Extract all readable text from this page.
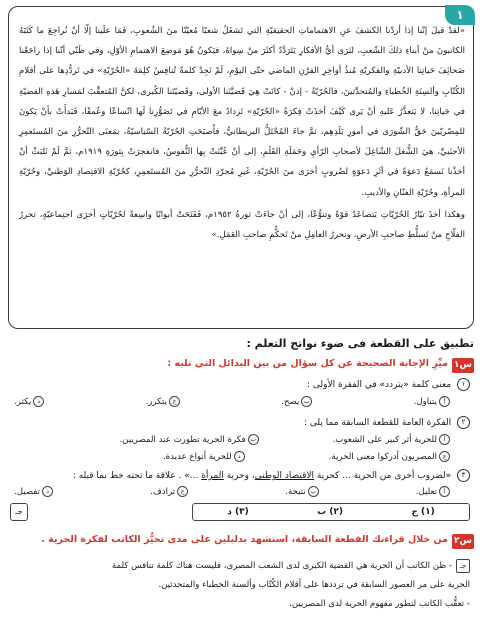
١

«لقدْ قيلَ إنّنا إذا أردْنا الكشفَ عنِ الاهتماماتِ الحقيقيّةِ التي تَشغَلُ شعبًا مُعيّنًا منَ الشُعوبِ، فَمَا علَينا إلّا أنْ نُراجِعَ ما كَتَبَهُ الكاتبونَ منْ أبناءِ ذلكَ الشّعبِ، لنَرَى أيُّ الأفكارِ يَتَرَدَّدُ أكثَرَ منْ سِواهُ، فيَكونُ هُوَ مَوضِعَ الاهتمامِ الأوّلِ، وفي ظَنّي أنّنا إذا راجَعْنا صَحائِفَ حَياتِنا الأدبيّةِ والفكريّةِ مُنذُ أواخِرِ القرْنِ الماضي حتّى اليوْمِ، لَمْ نَجِدْ كلمةً تُنافِسُ كلِمَةَ «الحُرّيّةِ» في تَردُّدِها على أقلامِ الكُتّابِ وألسِنَةِ الخُطباءِ والمُتحدِّثينَ، فالحُرّيّةُ - إذنْ - كانَتْ هِيَ قَضيَّتَنا الأولى، وقَضيّتَنا الكُبرى، لكنَّ المُتعقِّبَ لمَسارِ هَذهِ القضيّةِ في حَياتِنا، لا يَتعذَّرُ عَليهِ أنْ يَرى كَيْفَ أخذَتْ فِكرَةُ «الحُرّيّةِ» تَزدادُ معَ الأيّامِ في تَصَوُّرِنا لَها اتّساعًا وعُمقًا، فَبَدأَتْ بأنْ يَكونَ للمِصْريّينَ حَقُّ الشّورَى في أمورِ بَلَدِهِم، ثمَّ جاءَ المُحْتَلُّ البريطانيُّ، فأَصبَحَتِ الحُرّيّةُ السّياسيّةُ، بمَعنَى التّحرُّرِ منَ المُستَعمِرِ الأجنَبيِّ، هيَ الشُّغلَ الشّاغِلَ لأصحابِ الرّأيِ وحَمَلَةِ القَلَمِ، إلى أنْ عُبِّئتْ بِها النُّفوسُ، فانفجرَتْ بِثورَةِ ١٩١٩م، ثمَّ لَمْ نَلبَثْ أنْ أخذْنا نَسمَعُ دَعوَةً في أثَرِ دَعوَةٍ لضُروبٍ أخرَى منَ الحُرّيّةِ، غَيرِ مُجرّدِ التّحرُّرِ منَ المُستَعمِرِ، كحُرّيّةِ الاقتِصادِ الوَطنيِّ، وحُرّيّةِ المرأةِ، وحُرّيّةِ الفنّانِ والأديبِ.

وهكذا أخذَ تيّارُ الحُرّيّاتِ يَتصاعَدُ قوّةً وتنوُّعًا، إلى أنْ جاءَتْ ثورةُ ١٩٥٢م، فَفَتَحَتْ أبوابًا واسِعةً لحُرّيّاتٍ أخرَى اجتِماعيّةٍ، تحررُ الفلّاحِ منْ تَسلُّطِ صاحبِ الأرضِ، وتحررُ العامِلِ منْ تَحكُّمِ صاحبِ العَمَلِ.»

تطبيق على القطعة فى ضوء نواتج التعلم :
س١

ميِّزِ الإجابة الصحيحة عن كل سؤال من بين البدائل التي تليه :

١ معنى كلمة «يتردد» في الفقرة الأولى :
أيتناول.
بيصح.
جيتكرر.
ديكثر.
٢ الفكرة العامة للقطعة السابقة مما يلى :
أللحرية أثر كبير على الشعوب.
بفكرة الحرية تطورت عند المصريين.
جالمصريون أدركوا معنى الحرية.
دللحرية أنواع عديدة.
٣ «لضروب أخرى من الحرية ... كحرية الاقتصاد الوطني، وحرية المرأة ...» . علاقة ما تحته خط بما قبله :
أتعليل.
بنتيجة.
جترادف.
دتفصيل.
(١) ج
(٢) ب
(٣) د
جـ
س٢

من خلال قراءتك القطعة السابقة، استشهد بدليلين على مدى تحيُّز الكاتب لفكرة الحرية .

جـ- ظن الكاتب أن الحرية هي القضية الكبرى لدى الشعب المصرى، فليست هناك كلمة تنافس كلمة

الحرية على مر العصور السابقة في ترددها على أقلام الكُتّاب وألسنة الخطباء والمتحدثين.

- تعقُّب الكاتب لتطور مفهوم الحرية لدى المصريين.
